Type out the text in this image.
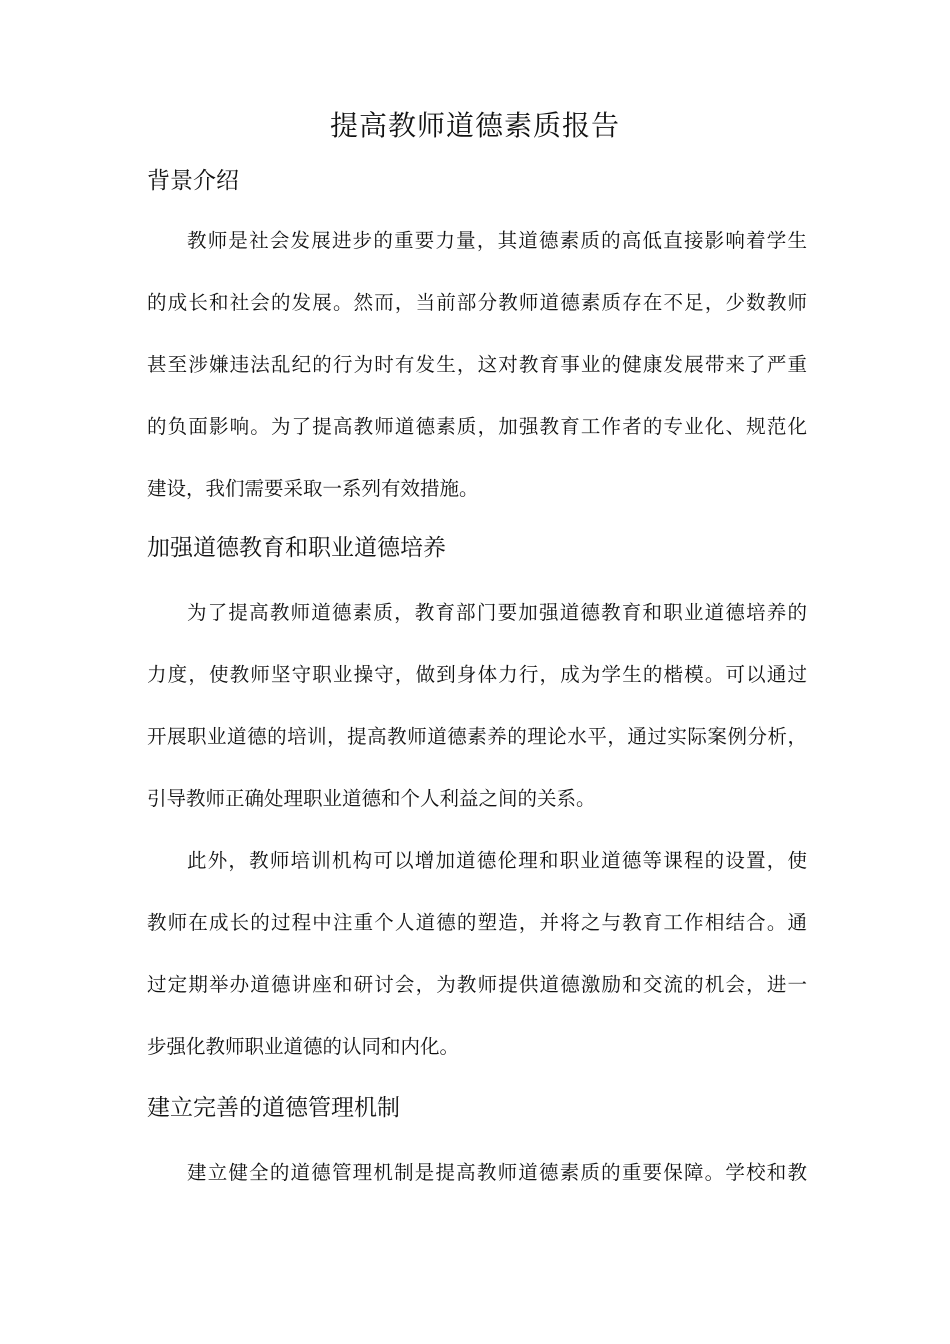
提高教师道德素质报告
背景介绍
教师是社会发展进步的重要力量，其道德素质的高低直接影响着学生
的成长和社会的发展。然而，当前部分教师道德素质存在不足，少数教师
甚至涉嫌违法乱纪的行为时有发生，这对教育事业的健康发展带来了严重
的负面影响。为了提高教师道德素质，加强教育工作者的专业化、规范化
建设，我们需要采取一系列有效措施。
加强道德教育和职业道德培养
为了提高教师道德素质，教育部门要加强道德教育和职业道德培养的
力度，使教师坚守职业操守，做到身体力行，成为学生的楷模。可以通过
开展职业道德的培训，提高教师道德素养的理论水平，通过实际案例分析，
引导教师正确处理职业道德和个人利益之间的关系。
此外，教师培训机构可以增加道德伦理和职业道德等课程的设置，使
教师在成长的过程中注重个人道德的塑造，并将之与教育工作相结合。通
过定期举办道德讲座和研讨会，为教师提供道德激励和交流的机会，进一
步强化教师职业道德的认同和内化。
建立完善的道德管理机制
建立健全的道德管理机制是提高教师道德素质的重要保障。学校和教
